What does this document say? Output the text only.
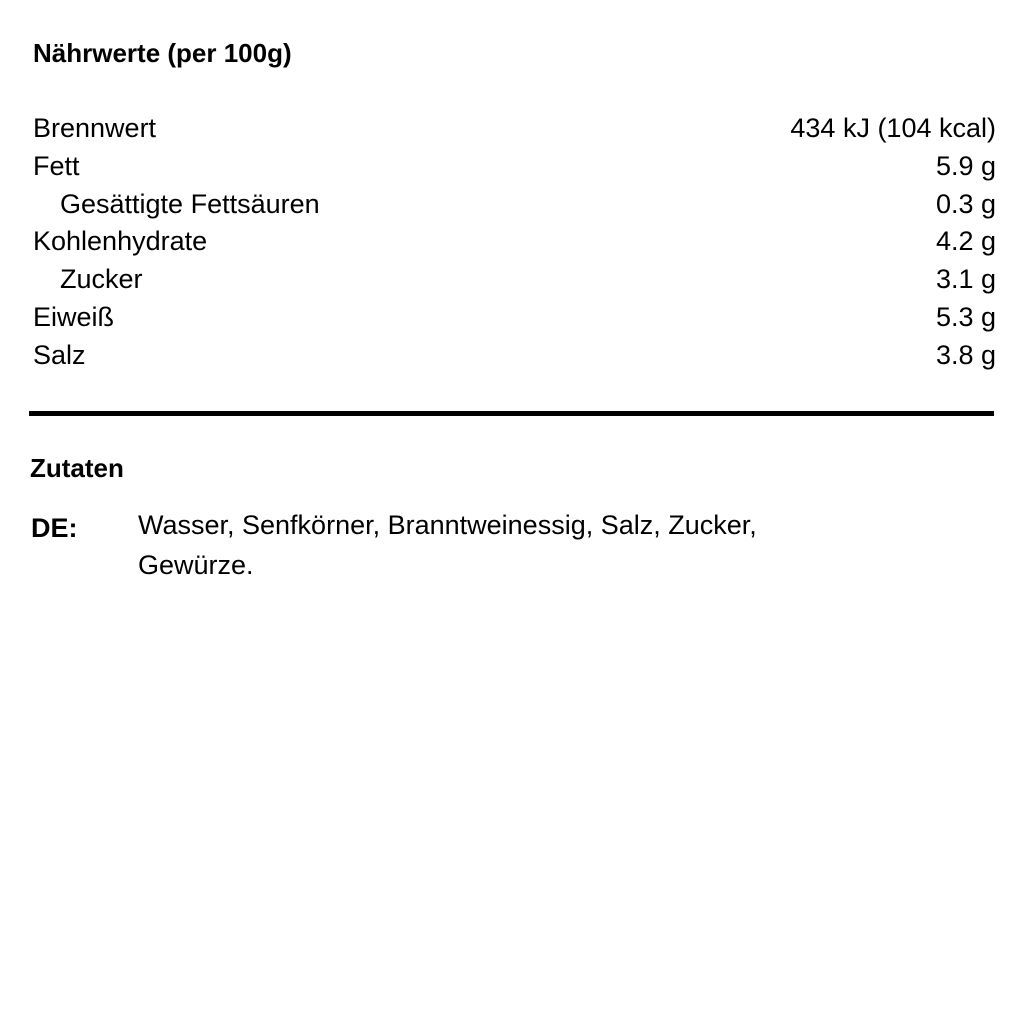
Nährwerte (per 100g)
Brennwert	434 kJ (104 kcal)
Fett	5.9 g
Gesättigte Fettsäuren	0.3 g
Kohlenhydrate	4.2 g
Zucker	3.1 g
Eiweiß	5.3 g
Salz	3.8 g
Zutaten
DE: Wasser, Senfkörner, Branntweinessig, Salz, Zucker,
Gewürze.
